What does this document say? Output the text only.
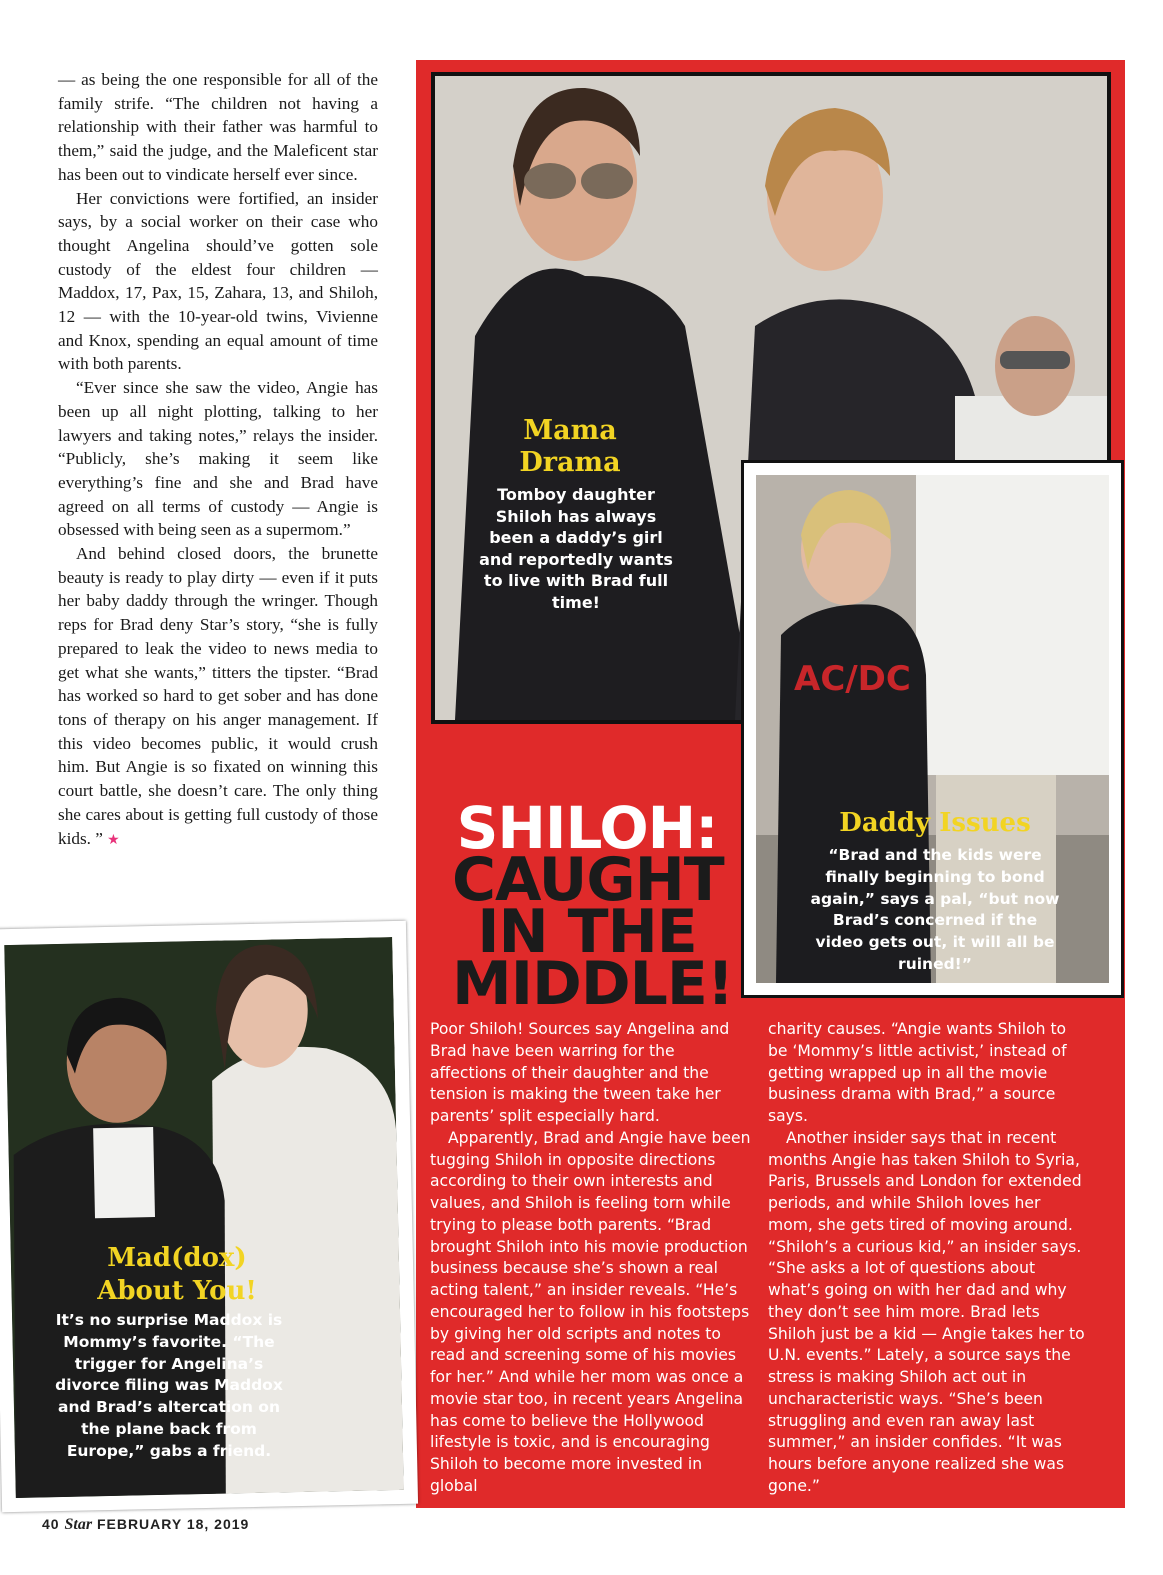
— as being the one responsible for all of the family strife. “The children not having a relationship with their father was harmful to them,” said the judge, and the Maleficent star has been out to vindicate herself ever since.

Her convictions were fortified, an insider says, by a social worker on their case who thought Angelina should’ve gotten sole custody of the eldest four children — Maddox, 17, Pax, 15, Zahara, 13, and Shiloh, 12 — with the 10-year-old twins, Vivienne and Knox, spending an equal amount of time with both parents.

“Ever since she saw the video, Angie has been up all night plotting, talking to her lawyers and taking notes,” relays the insider. “Publicly, she’s making it seem like everything’s fine and she and Brad have agreed on all terms of custody — Angie is obsessed with being seen as a supermom.”

And behind closed doors, the brunette beauty is ready to play dirty — even if it puts her baby daddy through the wringer. Though reps for Brad deny Star’s story, “she is fully prepared to leak the video to news media to get what she wants,” titters the tipster. “Brad has worked so hard to get sober and has done tons of therapy on his anger management. If this video becomes public, it would crush him. But Angie is so fixated on winning this court battle, she doesn’t care. The only thing she cares about is getting full custody of those kids. ” ★

Mama
Drama
Tomboy daughter Shiloh has always been a daddy’s girl and reportedly wants to live with Brad full time!
AC/DC
Daddy Issues
“Brad and the kids were finally beginning to bond again,” says a pal, “but now Brad’s concerned if the video gets out, it will all be ruined!”
SHILOH:
CAUGHT
IN THE
MIDDLE!

Poor Shiloh! Sources say Angelina and Brad have been warring for the affections of their daughter and the tension is making the tween take her parents’ split especially hard.

Apparently, Brad and Angie have been tugging Shiloh in opposite directions according to their own interests and values, and Shiloh is feeling torn while trying to please both parents. “Brad brought Shiloh into his movie production business because she’s shown a real acting talent,” an insider reveals. “He’s encouraged her to follow in his footsteps by giving her old scripts and notes to read and screening some of his movies for her.” And while her mom was once a movie star too, in recent years Angelina has come to believe the Hollywood lifestyle is toxic, and is encouraging Shiloh to become more invested in global

charity causes. “Angie wants Shiloh to be ‘Mommy’s little activist,’ instead of getting wrapped up in all the movie business drama with Brad,” a source says.

Another insider says that in recent months Angie has taken Shiloh to Syria, Paris, Brussels and London for extended periods, and while Shiloh loves her mom, she gets tired of moving around. “Shiloh’s a curious kid,” an insider says. “She asks a lot of questions about what’s going on with her dad and why they don’t see him more. Brad lets Shiloh just be a kid — Angie takes her to U.N. events.” Lately, a source says the stress is making Shiloh act out in uncharacteristic ways. “She’s been struggling and even ran away last summer,” an insider confides. “It was hours before anyone realized she was gone.”

Mad(dox)
About You!
It’s no surprise Maddox is Mommy’s favorite. “The trigger for Angelina’s divorce filing was Maddox and Brad’s altercation on the plane back from Europe,” gabs a friend.
40 Star FEBRUARY 18, 2019
